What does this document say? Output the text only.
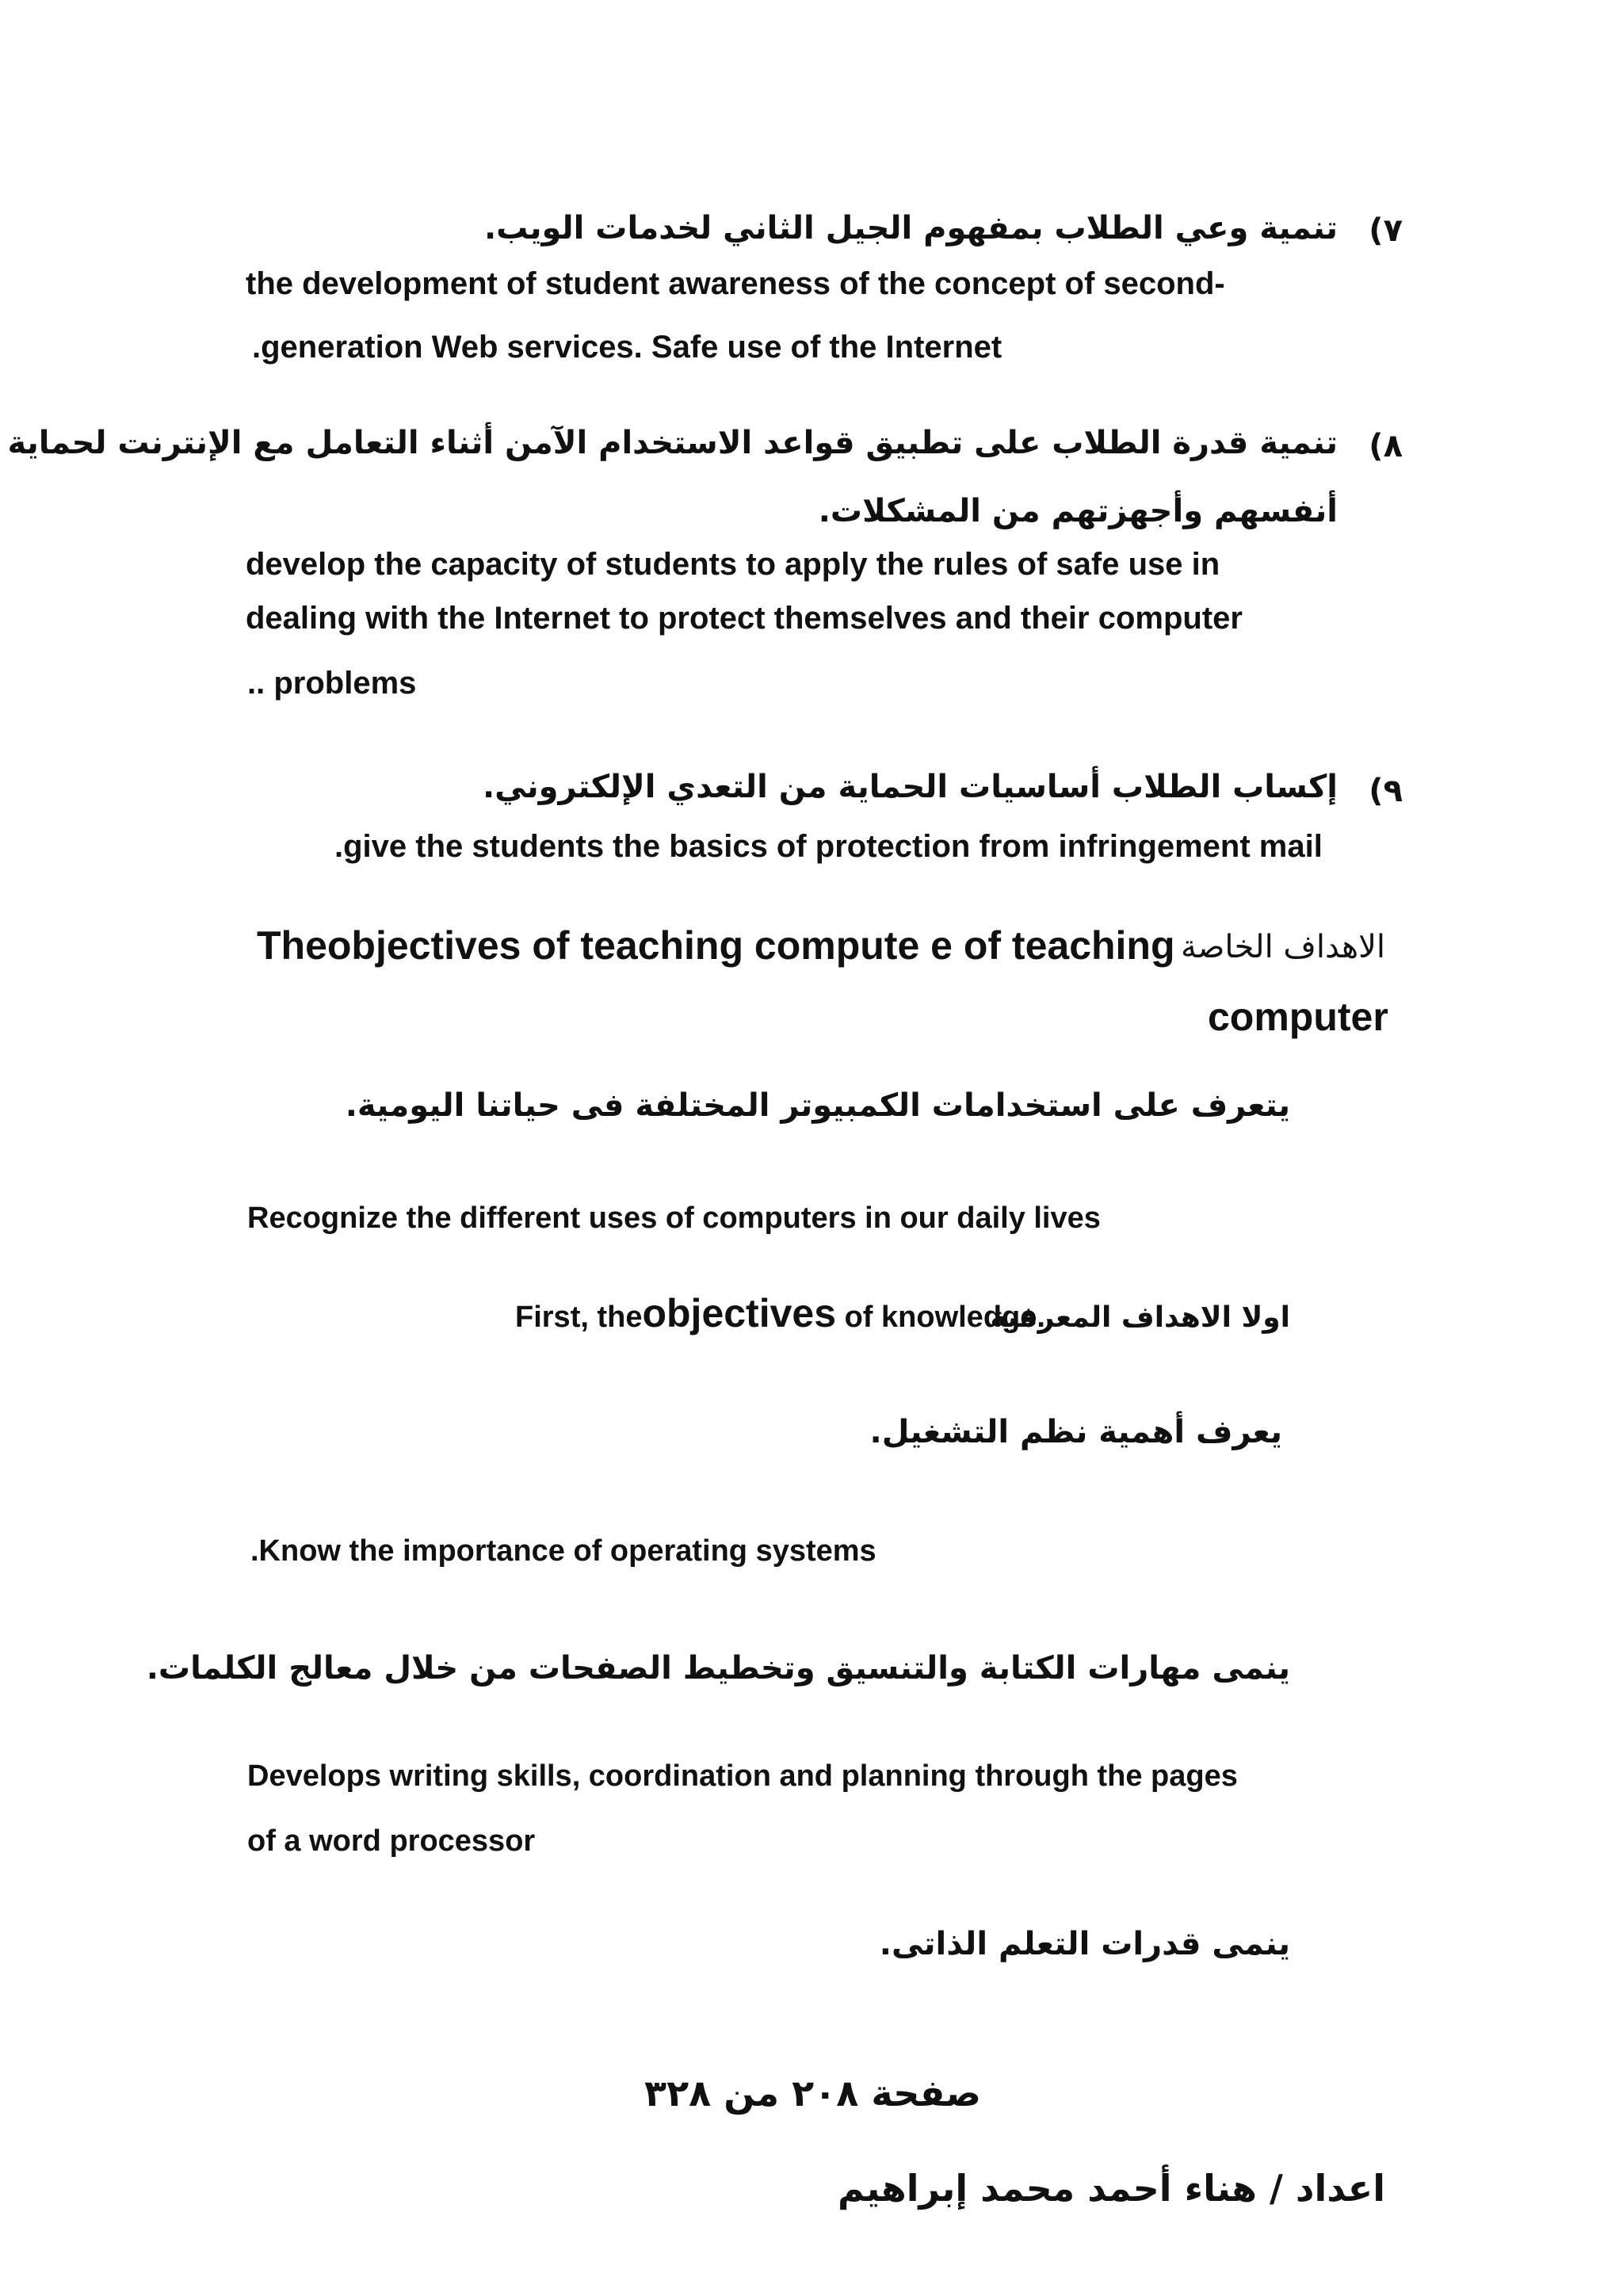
٧)
تنمية وعي الطلاب بمفهوم الجيل الثاني لخدمات الويب.
the development of student awareness of the concept of second-
.generation Web services. Safe use of the Internet
٨)
تنمية قدرة الطلاب على تطبيق قواعد الاستخدام الآمن أثناء التعامل مع الإنترنت لحماية
أنفسهم وأجهزتهم من المشكلات.
develop the capacity of students to apply the rules of safe use in
dealing with the Internet to protect themselves and their computer
.. problems
٩)
إكساب الطلاب أساسيات الحماية من التعدي الإلكتروني.
.give the students the basics of protection from infringement mail
الاهداف الخاصة
Theobjectives of teaching compute e of teaching
computer
يتعرف على استخدامات الكمبيوتر المختلفة فى حياتنا اليومية.
Recognize the different uses of computers in our daily lives
First, theobjectives of knowledge.
اولا الاهداف المعرفية
يعرف أهمية نظم التشغيل.
.Know the importance of operating systems
ينمى مهارات الكتابة والتنسيق وتخطيط الصفحات من خلال معالج الكلمات.
Develops writing skills, coordination and planning through the pages
of a word processor
ينمى قدرات التعلم الذاتى.
صفحة ٢٠٨ من ٣٢٨
اعداد / هناء أحمد محمد إبراهيم
